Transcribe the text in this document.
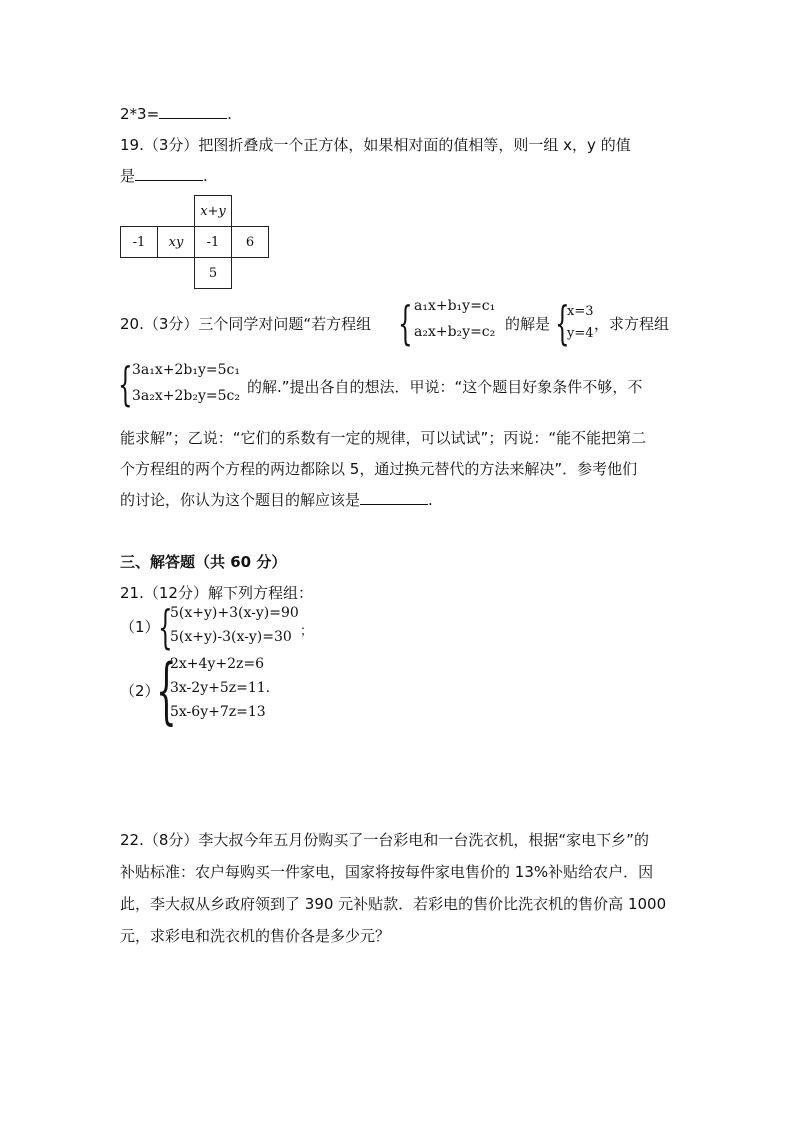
2*3=	.
19.（3分）把图折叠成一个正方体，如果相对面的值相等，则一组 x，y 的值
是	.
		x+y	
-1	xy	-1	6
		5	
20.（3分）三个同学对问题“若方程组 { a₁x+b₁y=c₁
a₂x+b₂y=c₂ 的解是 {
x=3
y=4
，求方程组
{ 3a₁x+2b₁y=5c₁
3a₂x+2b₂y=5c₂ 的解.”提出各自的想法．甲说：“这个题目好象条件不够，不
能求解”；乙说：“它们的系数有一定的规律，可以试试”；丙说：“能不能把第二
个方程组的两个方程的两边都除以 5，通过换元替代的方法来解决”．参考他们
的讨论，你认为这个题目的解应该是	.
三、解答题（共 60 分）
21.（12分）解下列方程组：
（1）
{
5(x+y)+3(x-y)=90
5(x+y)-3(x-y)=30 ；
（2）
{
2x+4y+2z=6
3x-2y+5z=11.
5x-6y+7z=13
22.（8分）李大叔今年五月份购买了一台彩电和一台洗衣机，根据“家电下乡”的
补贴标准：农户每购买一件家电，国家将按每件家电售价的 13%补贴给农户．因
此，李大叔从乡政府领到了 390 元补贴款．若彩电的售价比洗衣机的售价高 1000
元，求彩电和洗衣机的售价各是多少元？
